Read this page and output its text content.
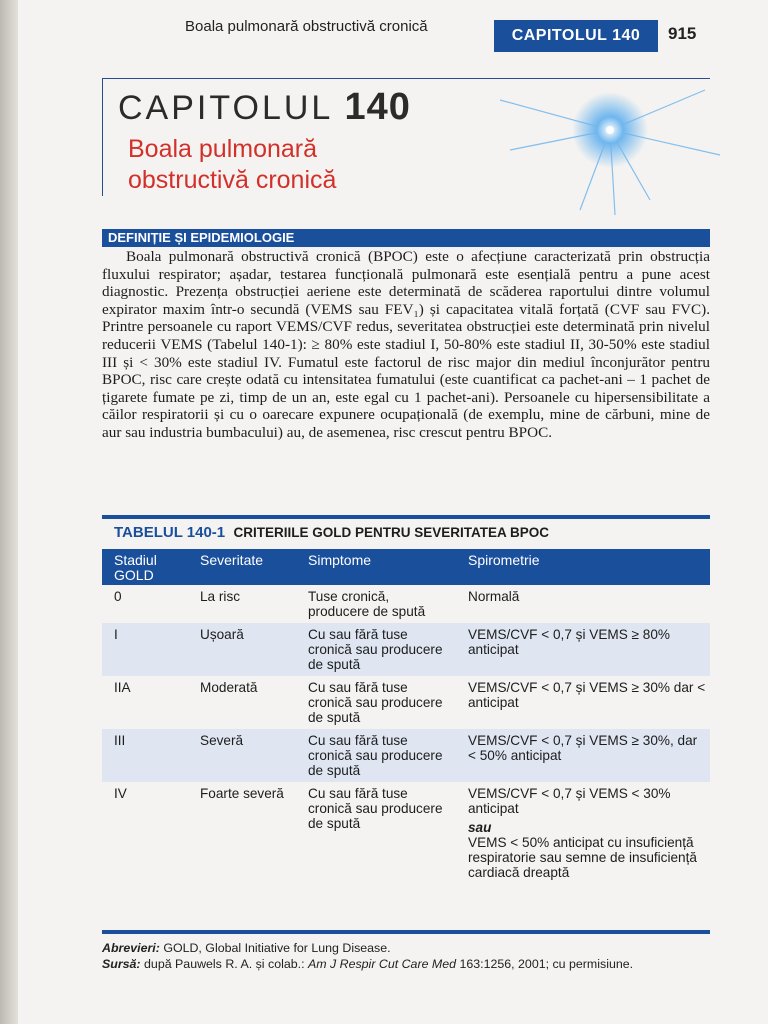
Boala pulmonară obstructivă cronică
CAPITOLUL 140	915
CAPITOLUL 140
Boala pulmonară
obstructivă cronică
DEFINIȚIE ȘI EPIDEMIOLOGIE
Boala pulmonară obstructivă cronică (BPOC) este o afecțiune caracterizată prin obstrucția fluxului respirator; așadar, testarea funcțională pulmonară este esențială pentru a pune acest diagnostic. Prezența obstrucției aeriene este determinată de scăderea raportului dintre volumul expirator maxim într-o secundă (VEMS sau FEV₁) și capacitatea vitală forțată (CVF sau FVC). Printre persoanele cu raport VEMS/CVF redus, severitatea obstrucției este determinată prin nivelul reducerii VEMS (Tabelul 140-1): ≥ 80% este stadiul I, 50-80% este stadiul II, 30-50% este stadiul III și < 30% este stadiul IV. Fumatul este factorul de risc major din mediul înconjurător pentru BPOC, risc care crește odată cu intensitatea fumatului (este cuantificat ca pachet-ani – 1 pachet de țigarete fumate pe zi, timp de un an, este egal cu 1 pachet-ani). Persoanele cu hipersensibilitate a căilor respiratorii și cu o oarecare expunere ocupațională (de exemplu, mine de cărbuni, mine de aur sau industria bumbacului) au, de asemenea, risc crescut pentru BPOC.
TABELUL 140-1 CRITERIILE GOLD PENTRU SEVERITATEA BPOC
Stadiul GOLD	Severitate	Simptome	Spirometrie
0	La risc	Tuse cronică, producere de spută	Normală
I	Ușoară	Cu sau fără tuse cronică sau producere de spută	VEMS/CVF < 0,7 și VEMS ≥ 80% anticipat
IIA	Moderată	Cu sau fără tuse cronică sau producere de spută	VEMS/CVF < 0,7 și VEMS ≥ 30% dar < anticipat
III	Severă	Cu sau fără tuse cronică sau producere de spută	VEMS/CVF < 0,7 și VEMS ≥ 30%, dar < 50% anticipat
IV	Foarte severă	Cu sau fără tuse cronică sau producere de spută	VEMS/CVF < 0,7 și VEMS < 30% anticipat
sau
VEMS < 50% anticipat cu insuficiență respiratorie sau semne de insuficiență cardiacă dreaptă
Abrevieri: GOLD, Global Initiative for Lung Disease.
Sursă: după Pauwels R. A. și colab.: Am J Respir Cut Care Med 163:1256, 2001; cu permisiune.
